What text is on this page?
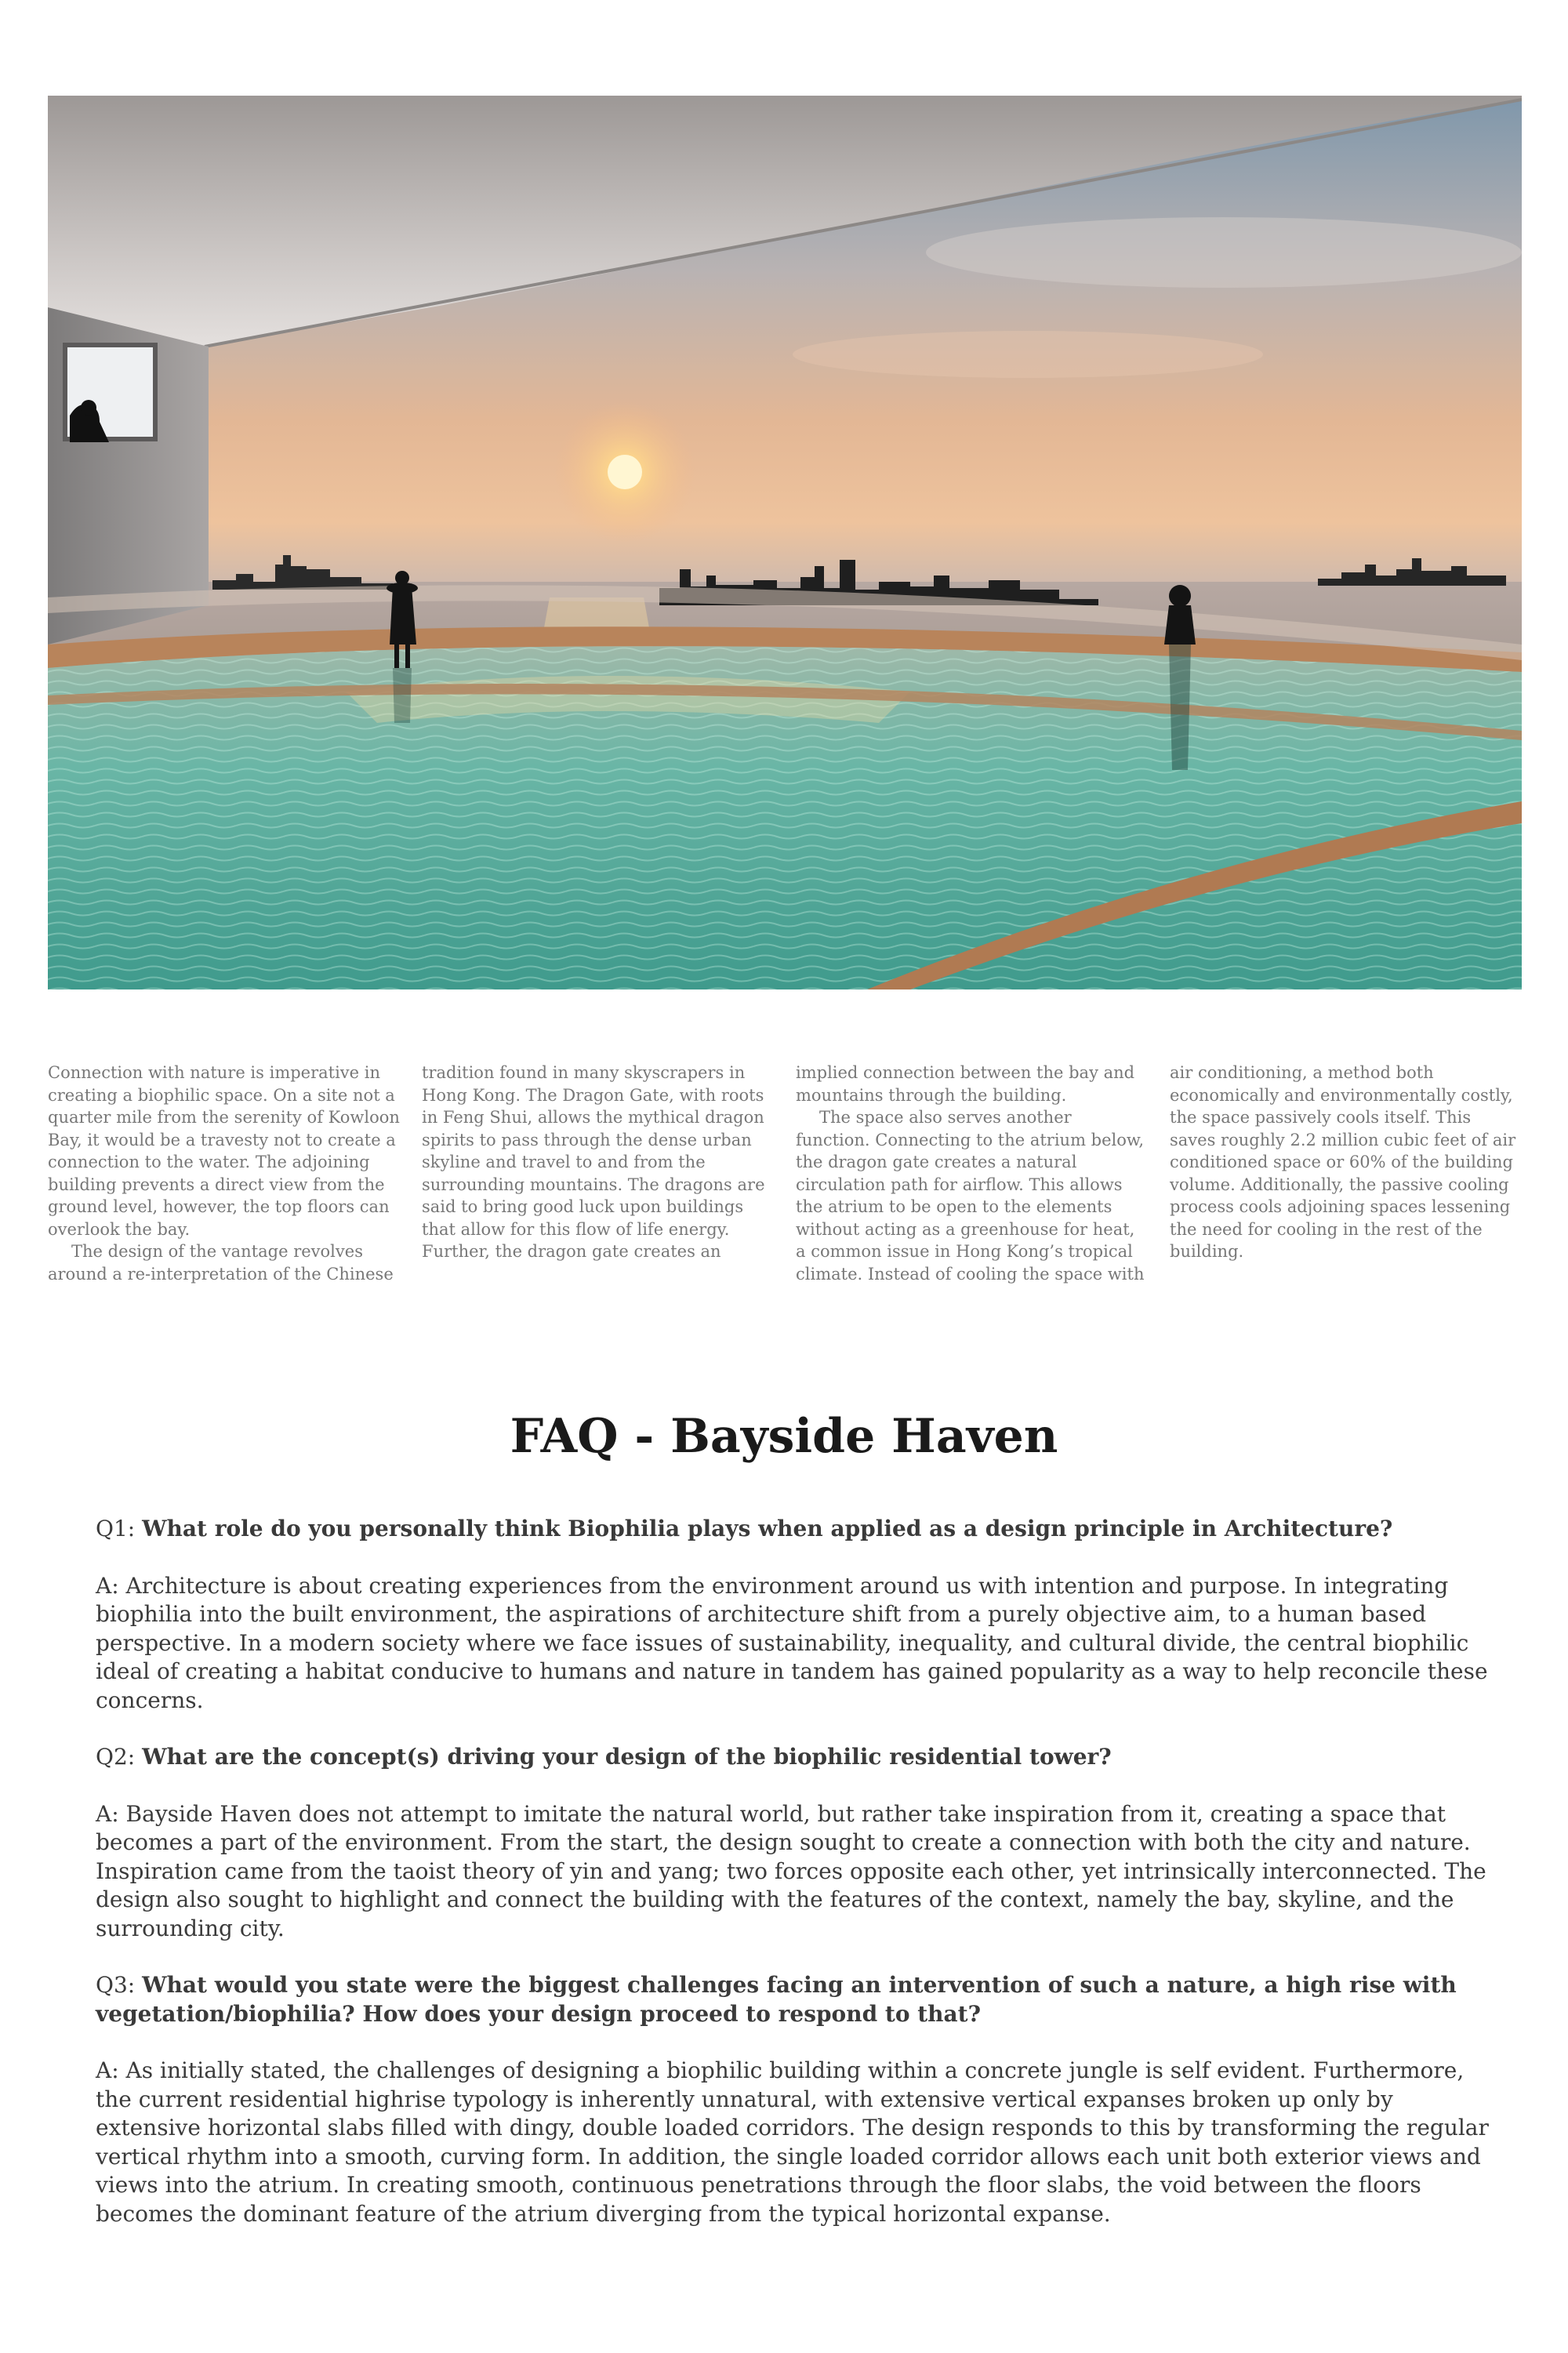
Connection with nature is imperative in creating a biophilic space. On a site not a quarter mile from the serenity of Kowloon Bay, it would be a travesty not to create a connection to the water. The adjoining building prevents a direct view from the ground level, however, the top floors can overlook the bay.

The design of the vantage revolves around a re-interpretation of the Chinese tradition found in many skyscrapers in Hong Kong. The Dragon Gate, with roots in Feng Shui, allows the mythical dragon spirits to pass through the dense urban skyline and travel to and from the surrounding mountains. The dragons are said to bring good luck upon buildings that allow for this flow of life energy. Further, the dragon gate creates an implied connection between the bay and mountains through the building.

The space also serves another function. Connecting to the atrium below, the dragon gate creates a natural circulation path for airflow. This allows the atrium to be open to the elements without acting as a greenhouse for heat, a common issue in Hong Kong’s tropical climate. Instead of cooling the space with air conditioning, a method both economically and environmentally costly, the space passively cools itself. This saves roughly 2.2 million cubic feet of air conditioned space or 60% of the building volume. Additionally, the passive cooling process cools adjoining spaces lessening the need for cooling in the rest of the building.

FAQ - Bayside Haven

Q1: What role do you personally think Biophilia plays when applied as a design principle in Architecture?

A: Architecture is about creating experiences from the environment around us with intention and purpose. In integrating biophilia into the built environment, the aspirations of architecture shift from a purely objective aim, to a human based perspective. In a modern society where we face issues of sustainability, inequality, and cultural divide, the central biophilic ideal of creating a habitat conducive to humans and nature in tandem has gained popularity as a way to help reconcile these concerns.

Q2: What are the concept(s) driving your design of the biophilic residential tower?

A: Bayside Haven does not attempt to imitate the natural world, but rather take inspiration from it, creating a space that becomes a part of the environment. From the start, the design sought to create a connection with both the city and nature. Inspiration came from the taoist theory of yin and yang; two forces opposite each other, yet intrinsically interconnected. The design also sought to highlight and connect the building with the features of the context, namely the bay, skyline, and the surrounding city.

Q3: What would you state were the biggest challenges facing an intervention of such a nature, a high rise with vegetation/biophilia? How does your design proceed to respond to that?

A: As initially stated, the challenges of designing a biophilic building within a concrete jungle is self evident. Furthermore, the current residential highrise typology is inherently unnatural, with extensive vertical expanses broken up only by extensive horizontal slabs filled with dingy, double loaded corridors. The design responds to this by transforming the regular vertical rhythm into a smooth, curving form. In addition, the single loaded corridor allows each unit both exterior views and views into the atrium. In creating smooth, continuous penetrations through the floor slabs, the void between the floors becomes the dominant feature of the atrium diverging from the typical horizontal expanse.
